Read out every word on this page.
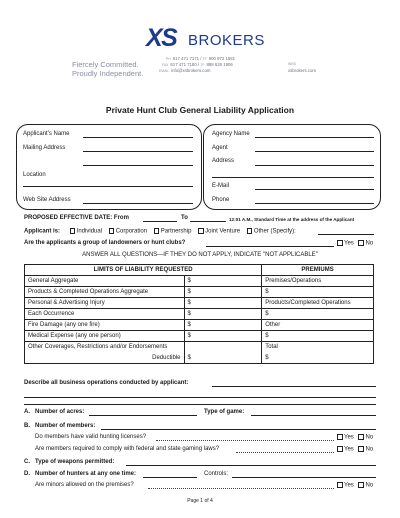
XS BROKERS
Fiercely Committed.
Proudly Independent.
PH 617 471 7171 / TF 800 972 1581
FAX 617 471 7180 / TF 888 626 1906
EMAIL info@xsbrokers.com
WEB
xsbrokers.com
Private Hunt Club General Liability Application
Applicant's Name
Mailing Address
Location
Web Site Address
Agency Name
Agent
Address
E-Mail
Phone
PROPOSED EFFECTIVE DATE: From	To	12:01 A.M., Standard Time at the address of the Applicant
Applicant is:	Individual Corporation Partnership Joint Venture Other (Specify):
Are the applicants a group of landowners or hunt clubs?	Yes No
ANSWER ALL QUESTIONS—IF THEY DO NOT APPLY, INDICATE "NOT APPLICABLE"
LIMITS OF LIABILITY REQUESTED		PREMIUMS
General Aggregate	$	Premises/Operations
Products & Completed Operations Aggregate	$	$
Personal & Advertising Injury	$	Products/Completed Operations
Each Occurrence	$	$
Fire Damage (any one fire)	$	Other
Medical Expense (any one person)	$	$
Other Coverages, Restrictions and/or Endorsements
Deductible	$	Total
$
Describe all business operations conducted by applicant:
A. Number of acres:	Type of game:
B. Number of members:
Do members have valid hunting licenses?	Yes No
Are members required to comply with federal and state gaming laws?	Yes No
C. Type of weapons permitted:
D. Number of hunters at any one time:	Controls:
Are minors allowed on the premises?	Yes No
Page 1 of 4
